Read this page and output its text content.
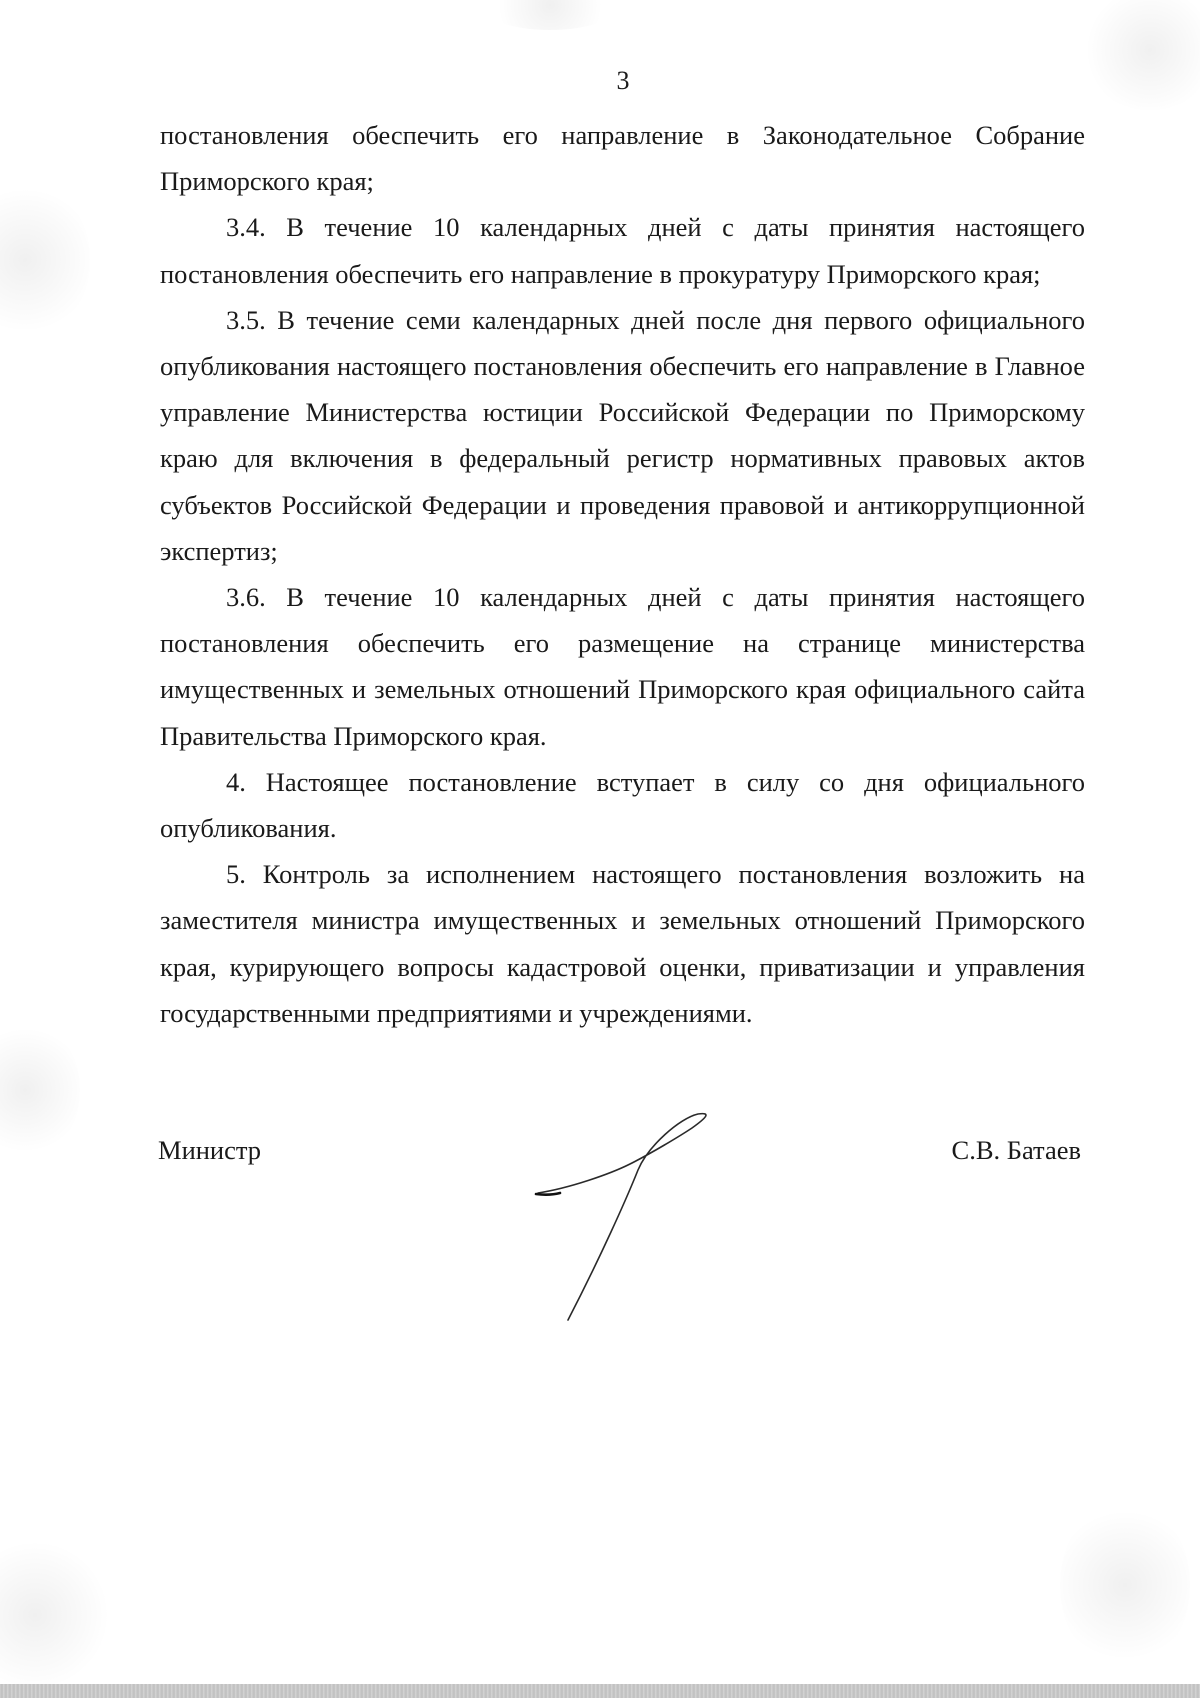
3

постановления обеспечить его направление в Законодательное Собрание Приморского края;

3.4. В течение 10 календарных дней с даты принятия настоящего постановления обеспечить его направление в прокуратуру Приморского края;

3.5. В течение семи календарных дней после дня первого официального опубликования настоящего постановления обеспечить его направление в Главное управление Министерства юстиции Российской Федерации по Приморскому краю для включения в федеральный регистр нормативных правовых актов субъектов Российской Федерации и проведения правовой и антикоррупционной экспертиз;

3.6. В течение 10 календарных дней с даты принятия настоящего постановления обеспечить его размещение на странице министерства имущественных и земельных отношений Приморского края официального сайта Правительства Приморского края.

4. Настоящее постановление вступает в силу со дня официального опубликования.

5. Контроль за исполнением настоящего постановления возложить на заместителя министра имущественных и земельных отношений Приморского края, курирующего вопросы кадастровой оценки, приватизации и управления государственными предприятиями и учреждениями.

Министр	С.В. Батаев
